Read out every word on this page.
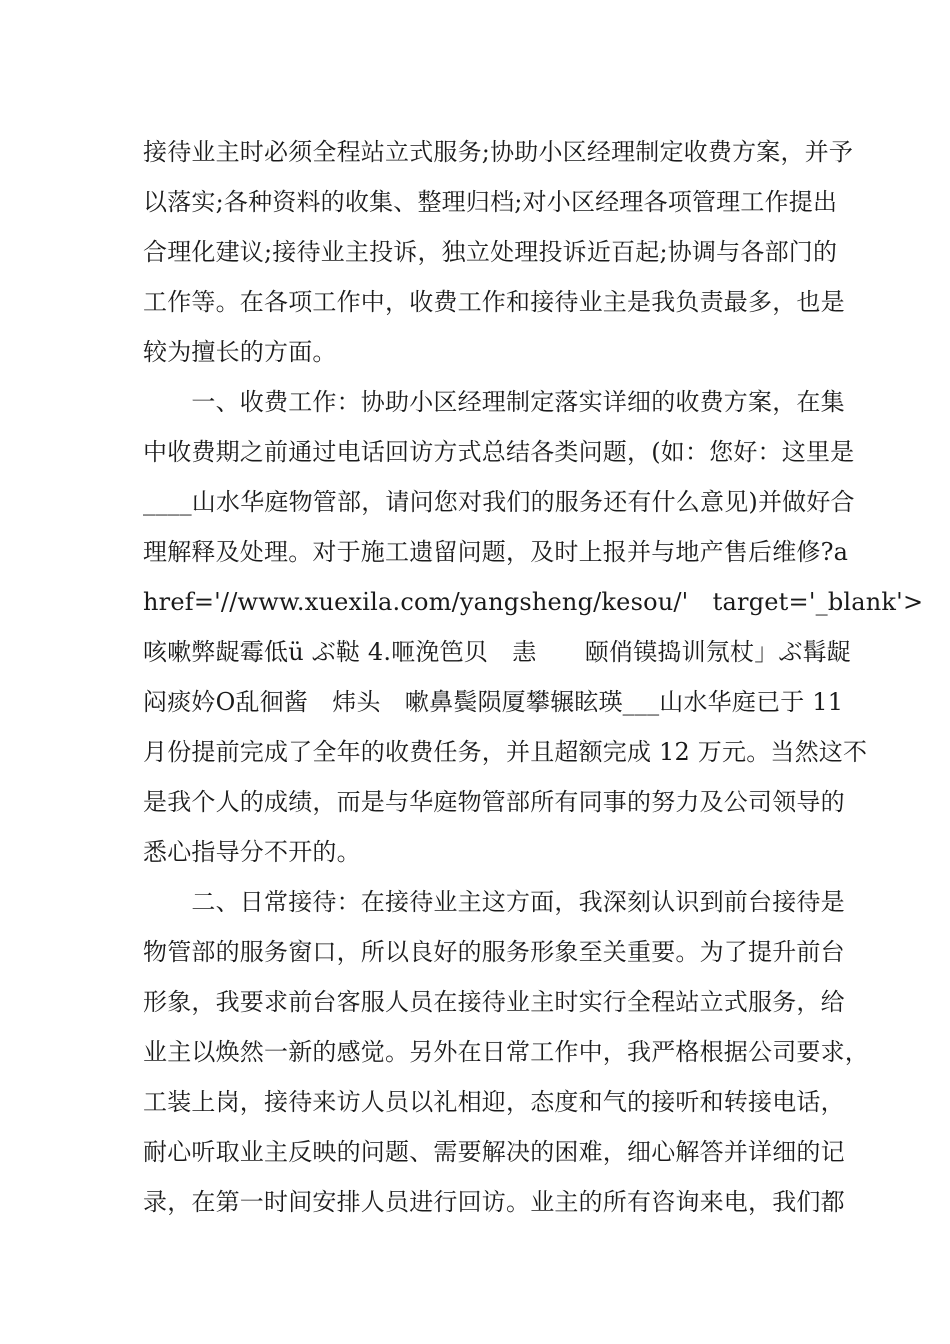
接待业主时必须全程站立式服务;协助小区经理制定收费方案，并予
以落实;各种资料的收集、整理归档;对小区经理各项管理工作提出
合理化建议;接待业主投诉，独立处理投诉近百起;协调与各部门的
工作等。在各项工作中，收费工作和接待业主是我负责最多，也是
较为擅长的方面。
　　一、收费工作：协助小区经理制定落实详细的收费方案，在集
中收费期之前通过电话回访方式总结各类问题，(如：您好：这里是
____山水华庭物管部，请问您对我们的服务还有什么意见)并做好合
理解释及处理。对于施工遗留问题，及时上报并与地产售后维修?a
href='//www.xuexila.com/yangsheng/kesou/'　target='_blank'>
咳嗽弊龊霉低ü ぶ鞑 4.咂浼笆贝　恚　　颐俏镆捣训氖杖」ぶ髯龊
闷痰妗O乱徊酱　炜头　嗽鼻鬓陨厦攀辗眩瑛___山水华庭已于 11
月份提前完成了全年的收费任务，并且超额完成 12 万元。当然这不
是我个人的成绩，而是与华庭物管部所有同事的努力及公司领导的
悉心指导分不开的。
　　二、日常接待：在接待业主这方面，我深刻认识到前台接待是
物管部的服务窗口，所以良好的服务形象至关重要。为了提升前台
形象，我要求前台客服人员在接待业主时实行全程站立式服务，给
业主以焕然一新的感觉。另外在日常工作中，我严格根据公司要求，
工装上岗，接待来访人员以礼相迎，态度和气的接听和转接电话，
耐心听取业主反映的问题、需要解决的困难，细心解答并详细的记
录，在第一时间安排人员进行回访。业主的所有咨询来电，我们都
